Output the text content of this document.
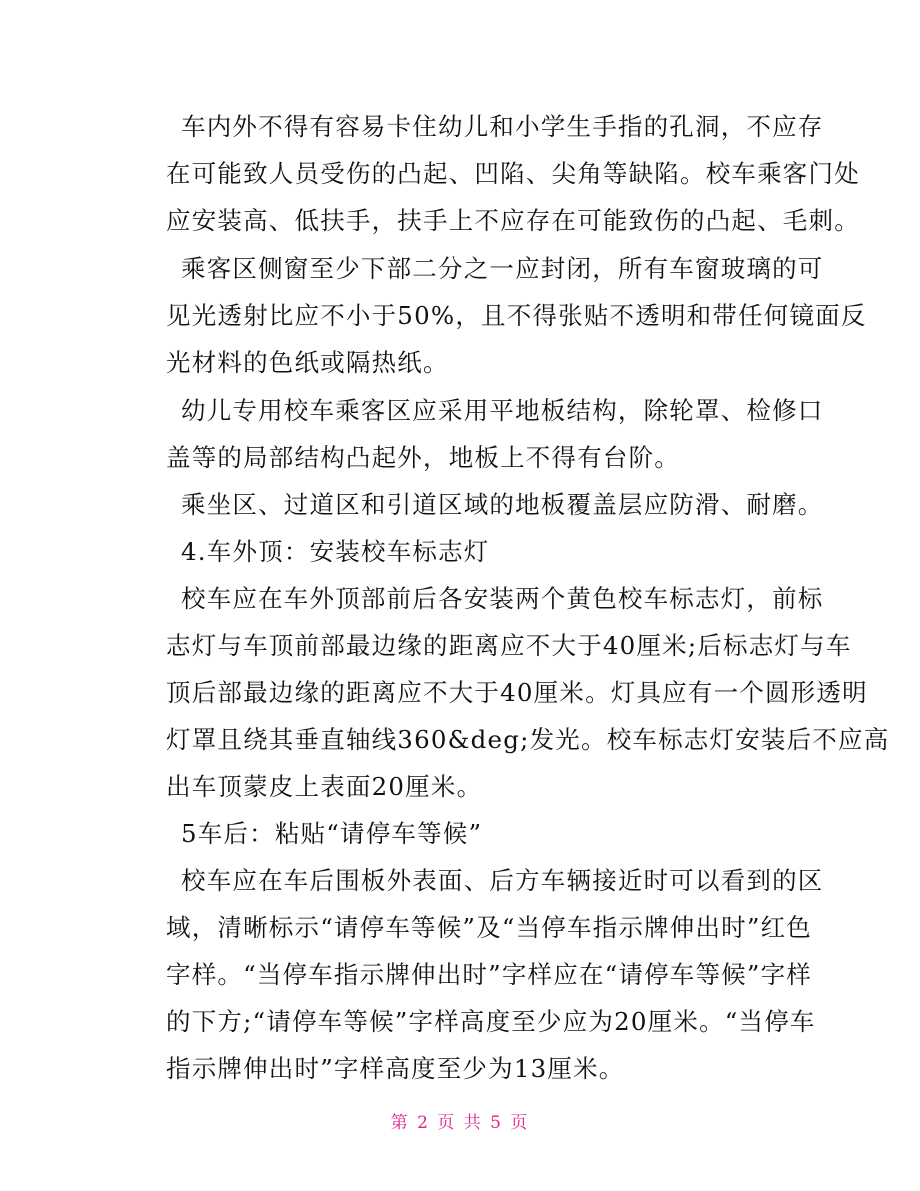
车内外不得有容易卡住幼儿和小学生手指的孔洞，不应存
在可能致人员受伤的凸起、凹陷、尖角等缺陷。校车乘客门处
应安装高、低扶手，扶手上不应存在可能致伤的凸起、毛刺。
乘客区侧窗至少下部二分之一应封闭，所有车窗玻璃的可
见光透射比应不小于50%，且不得张贴不透明和带任何镜面反
光材料的色纸或隔热纸。
幼儿专用校车乘客区应采用平地板结构，除轮罩、检修口
盖等的局部结构凸起外，地板上不得有台阶。
乘坐区、过道区和引道区域的地板覆盖层应防滑、耐磨。
4.车外顶：安装校车标志灯
校车应在车外顶部前后各安装两个黄色校车标志灯，前标
志灯与车顶前部最边缘的距离应不大于40厘米;后标志灯与车
顶后部最边缘的距离应不大于40厘米。灯具应有一个圆形透明
灯罩且绕其垂直轴线360&deg;发光。校车标志灯安装后不应高
出车顶蒙皮上表面20厘米。
5车后：粘贴“请停车等候”
校车应在车后围板外表面、后方车辆接近时可以看到的区
域，清晰标示“请停车等候”及“当停车指示牌伸出时”红色
字样。“当停车指示牌伸出时”字样应在“请停车等候”字样
的下方;“请停车等候”字样高度至少应为20厘米。“当停车
指示牌伸出时”字样高度至少为13厘米。
第 2 页 共 5 页
